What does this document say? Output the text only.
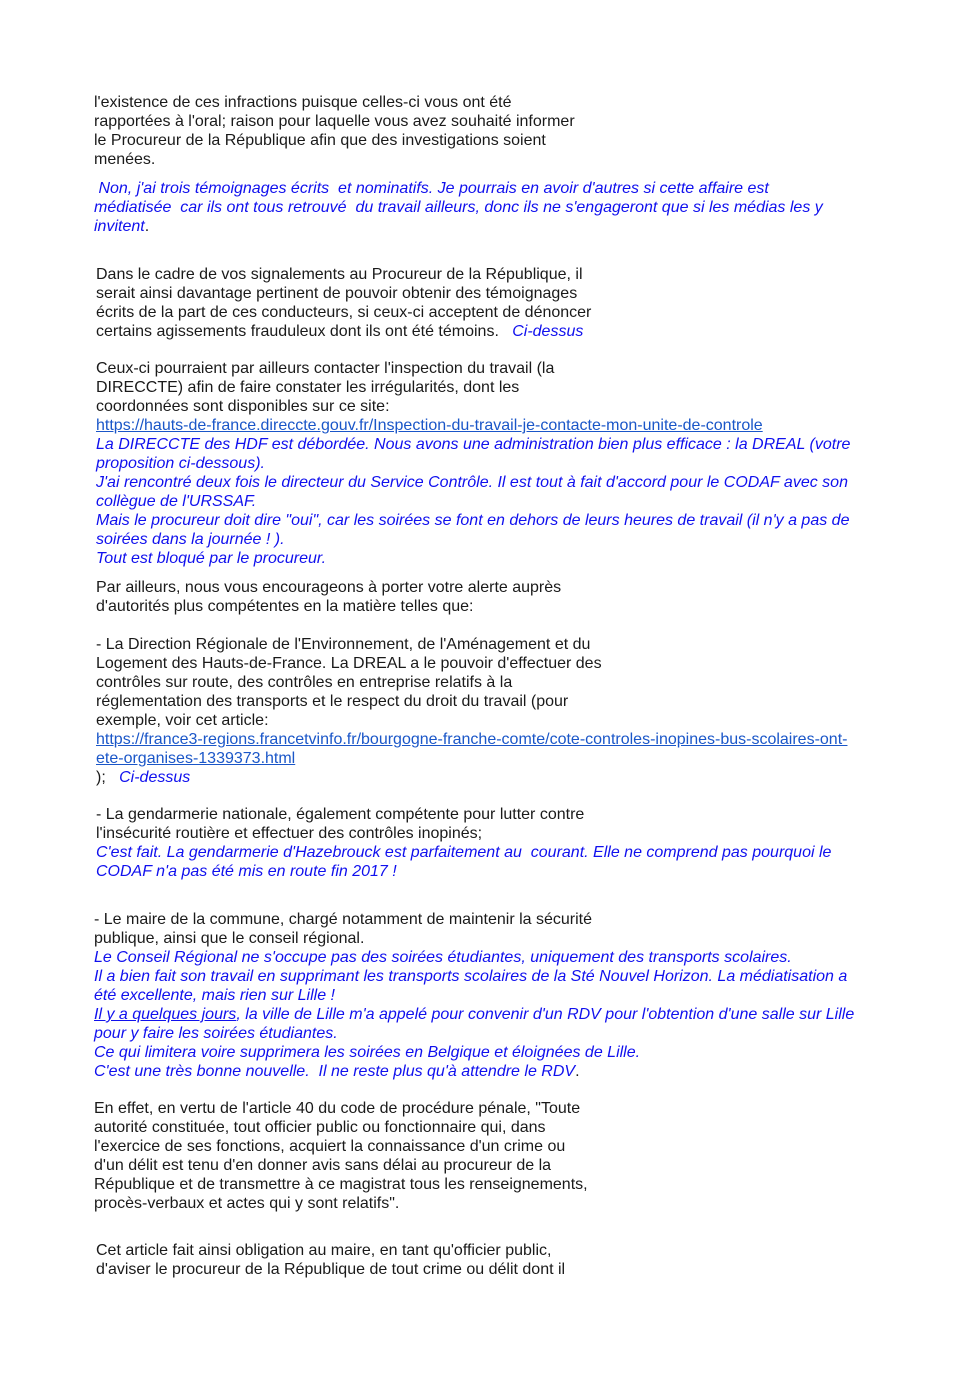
l'existence de ces infractions puisque celles-ci vous ont été
rapportées à l'oral; raison pour laquelle vous avez souhaité informer
le Procureur de la République afin que des investigations soient
menées.
Non, j'ai trois témoignages écrits  et nominatifs. Je pourrais en avoir d'autres si cette affaire est
médiatisée  car ils ont tous retrouvé  du travail ailleurs, donc ils ne s'engageront que si les médias les y
invitent.
Dans le cadre de vos signalements au Procureur de la République, il
serait ainsi davantage pertinent de pouvoir obtenir des témoignages
écrits de la part de ces conducteurs, si ceux-ci acceptent de dénoncer
certains agissements frauduleux dont ils ont été témoins.   Ci-dessus
Ceux-ci pourraient par ailleurs contacter l'inspection du travail (la
DIRECCTE) afin de faire constater les irrégularités, dont les
coordonnées sont disponibles sur ce site:
https://hauts-de-france.direccte.gouv.fr/Inspection-du-travail-je-contacte-mon-unite-de-controle
La DIRECCTE des HDF est débordée. Nous avons une administration bien plus efficace : la DREAL (votre
proposition ci-dessous).
J'ai rencontré deux fois le directeur du Service Contrôle. Il est tout à fait d'accord pour le CODAF avec son
collègue de l'URSSAF.
Mais le procureur doit dire "oui", car les soirées se font en dehors de leurs heures de travail (il n'y a pas de
soirées dans la journée ! ).
Tout est bloqué par le procureur.
Par ailleurs, nous vous encourageons à porter votre alerte auprès
d'autorités plus compétentes en la matière telles que:
- La Direction Régionale de l'Environnement, de l'Aménagement et du
Logement des Hauts-de-France. La DREAL a le pouvoir d'effectuer des
contrôles sur route, des contrôles en entreprise relatifs à la
réglementation des transports et le respect du droit du travail (pour
exemple, voir cet article:
https://france3-regions.francetvinfo.fr/bourgogne-franche-comte/cote-controles-inopines-bus-scolaires-ont-
ete-organises-1339373.html
);   Ci-dessus
- La gendarmerie nationale, également compétente pour lutter contre
l'insécurité routière et effectuer des contrôles inopinés;
C'est fait. La gendarmerie d'Hazebrouck est parfaitement au  courant. Elle ne comprend pas pourquoi le
CODAF n'a pas été mis en route fin 2017 !
- Le maire de la commune, chargé notamment de maintenir la sécurité
publique, ainsi que le conseil régional.
Le Conseil Régional ne s'occupe pas des soirées étudiantes, uniquement des transports scolaires.
Il a bien fait son travail en supprimant les transports scolaires de la Sté Nouvel Horizon. La médiatisation a
été excellente, mais rien sur Lille !
Il y a quelques jours, la ville de Lille m'a appelé pour convenir d'un RDV pour l'obtention d'une salle sur Lille
pour y faire les soirées étudiantes.
Ce qui limitera voire supprimera les soirées en Belgique et éloignées de Lille.
C'est une très bonne nouvelle.  Il ne reste plus qu'à attendre le RDV.
En effet, en vertu de l'article 40 du code de procédure pénale, "Toute
autorité constituée, tout officier public ou fonctionnaire qui, dans
l'exercice de ses fonctions, acquiert la connaissance d'un crime ou
d'un délit est tenu d'en donner avis sans délai au procureur de la
République et de transmettre à ce magistrat tous les renseignements,
procès-verbaux et actes qui y sont relatifs".
Cet article fait ainsi obligation au maire, en tant qu'officier public,
d'aviser le procureur de la République de tout crime ou délit dont il
